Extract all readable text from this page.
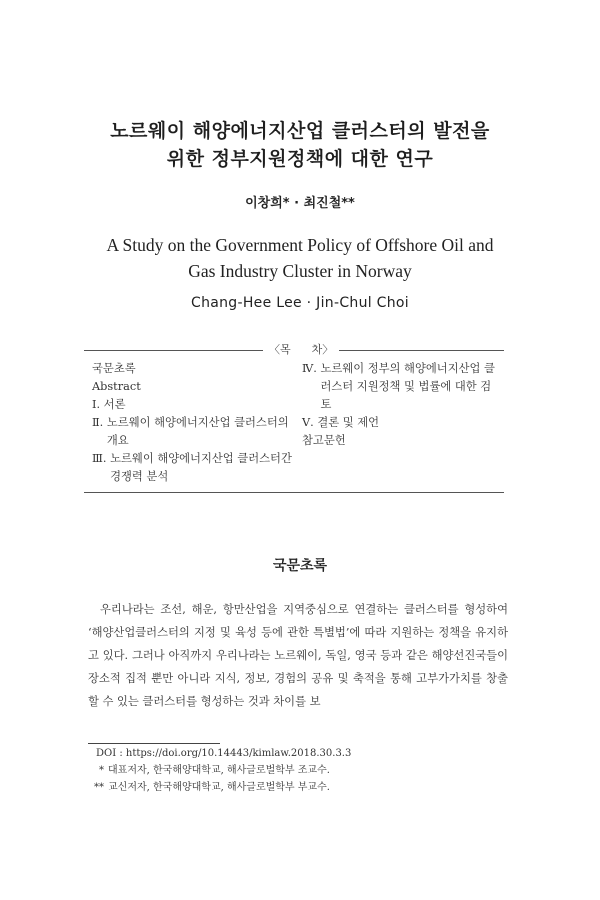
노르웨이 해양에너지산업 클러스터의 발전을
위한 정부지원정책에 대한 연구
이창희* · 최진철**
A Study on the Government Policy of Offshore Oil and
Gas Industry Cluster in Norway
Chang-Hee Lee · Jin-Chul Choi
〈목      차〉
국문초록
Abstract
Ⅰ. 서론
Ⅱ. 노르웨이 해양에너지산업 클러스터의 개요
Ⅲ. 노르웨이 해양에너지산업 클러스터간 경쟁력 분석
Ⅳ. 노르웨이 정부의 해양에너지산업 클러스터 지원정책 및 법률에 대한 검토
Ⅴ. 결론 및 제언
참고문헌
국문초록

우리나라는 조선, 해운, 항만산업을 지역중심으로 연결하는 클러스터를 형성하여 ‘해양산업클러스터의 지정 및 육성 등에 관한 특별법’에 따라 지원하는 정책을 유지하고 있다. 그러나 아직까지 우리나라는 노르웨이, 독일, 영국 등과 같은 해양선진국들이 장소적 집적 뿐만 아니라 지식, 정보, 경험의 공유 및 축적을 통해 고부가가치를 창출할 수 있는 클러스터를 형성하는 것과 차이를 보

DOI : https://doi.org/10.14443/kimlaw.2018.30.3.3
* 대표저자, 한국해양대학교, 해사글로벌학부 조교수.
** 교신저자, 한국해양대학교, 해사글로벌학부 부교수.
